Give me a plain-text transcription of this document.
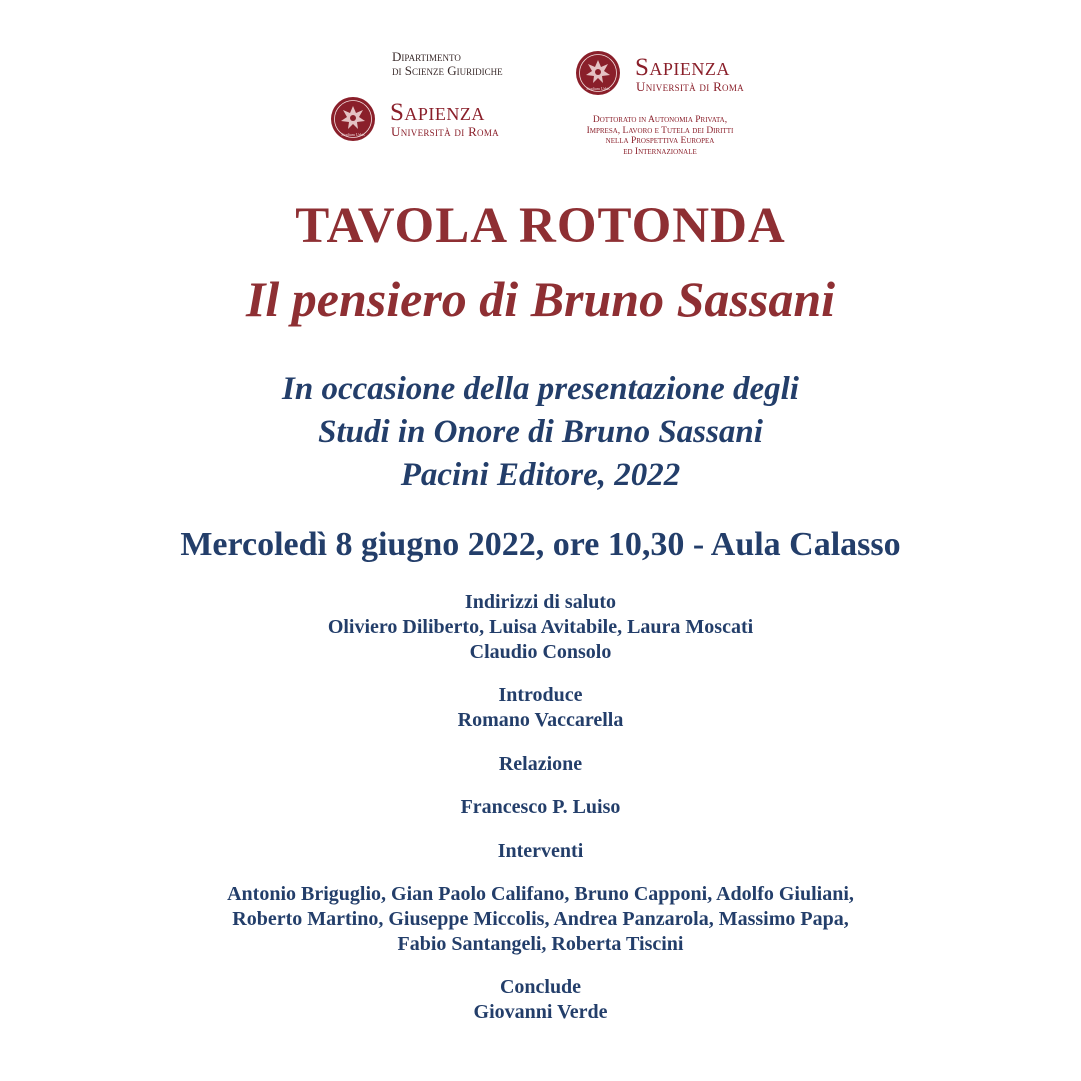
Dipartimento
di Scienze Giuridiche
Studium Urbis
Sapienza
Università di Roma
Studium Urbis
Sapienza
Università di Roma
Dottorato in Autonomia Privata,
Impresa, Lavoro e Tutela dei Diritti
nella Prospettiva Europea
ed Internazionale
TAVOLA ROTONDA
Il pensiero di Bruno Sassani
In occasione della presentazione degli
Studi in Onore di Bruno Sassani
Pacini Editore, 2022
Mercoledì 8 giugno 2022, ore 10,30 - Aula Calasso
Indirizzi di saluto
Oliviero Diliberto, Luisa Avitabile, Laura Moscati
Claudio Consolo
Introduce
Romano Vaccarella
Relazione
Francesco P. Luiso
Interventi
Antonio Briguglio, Gian Paolo Califano, Bruno Capponi, Adolfo Giuliani,
Roberto Martino, Giuseppe Miccolis, Andrea Panzarola, Massimo Papa,
Fabio Santangeli, Roberta Tiscini
Conclude
Giovanni Verde
